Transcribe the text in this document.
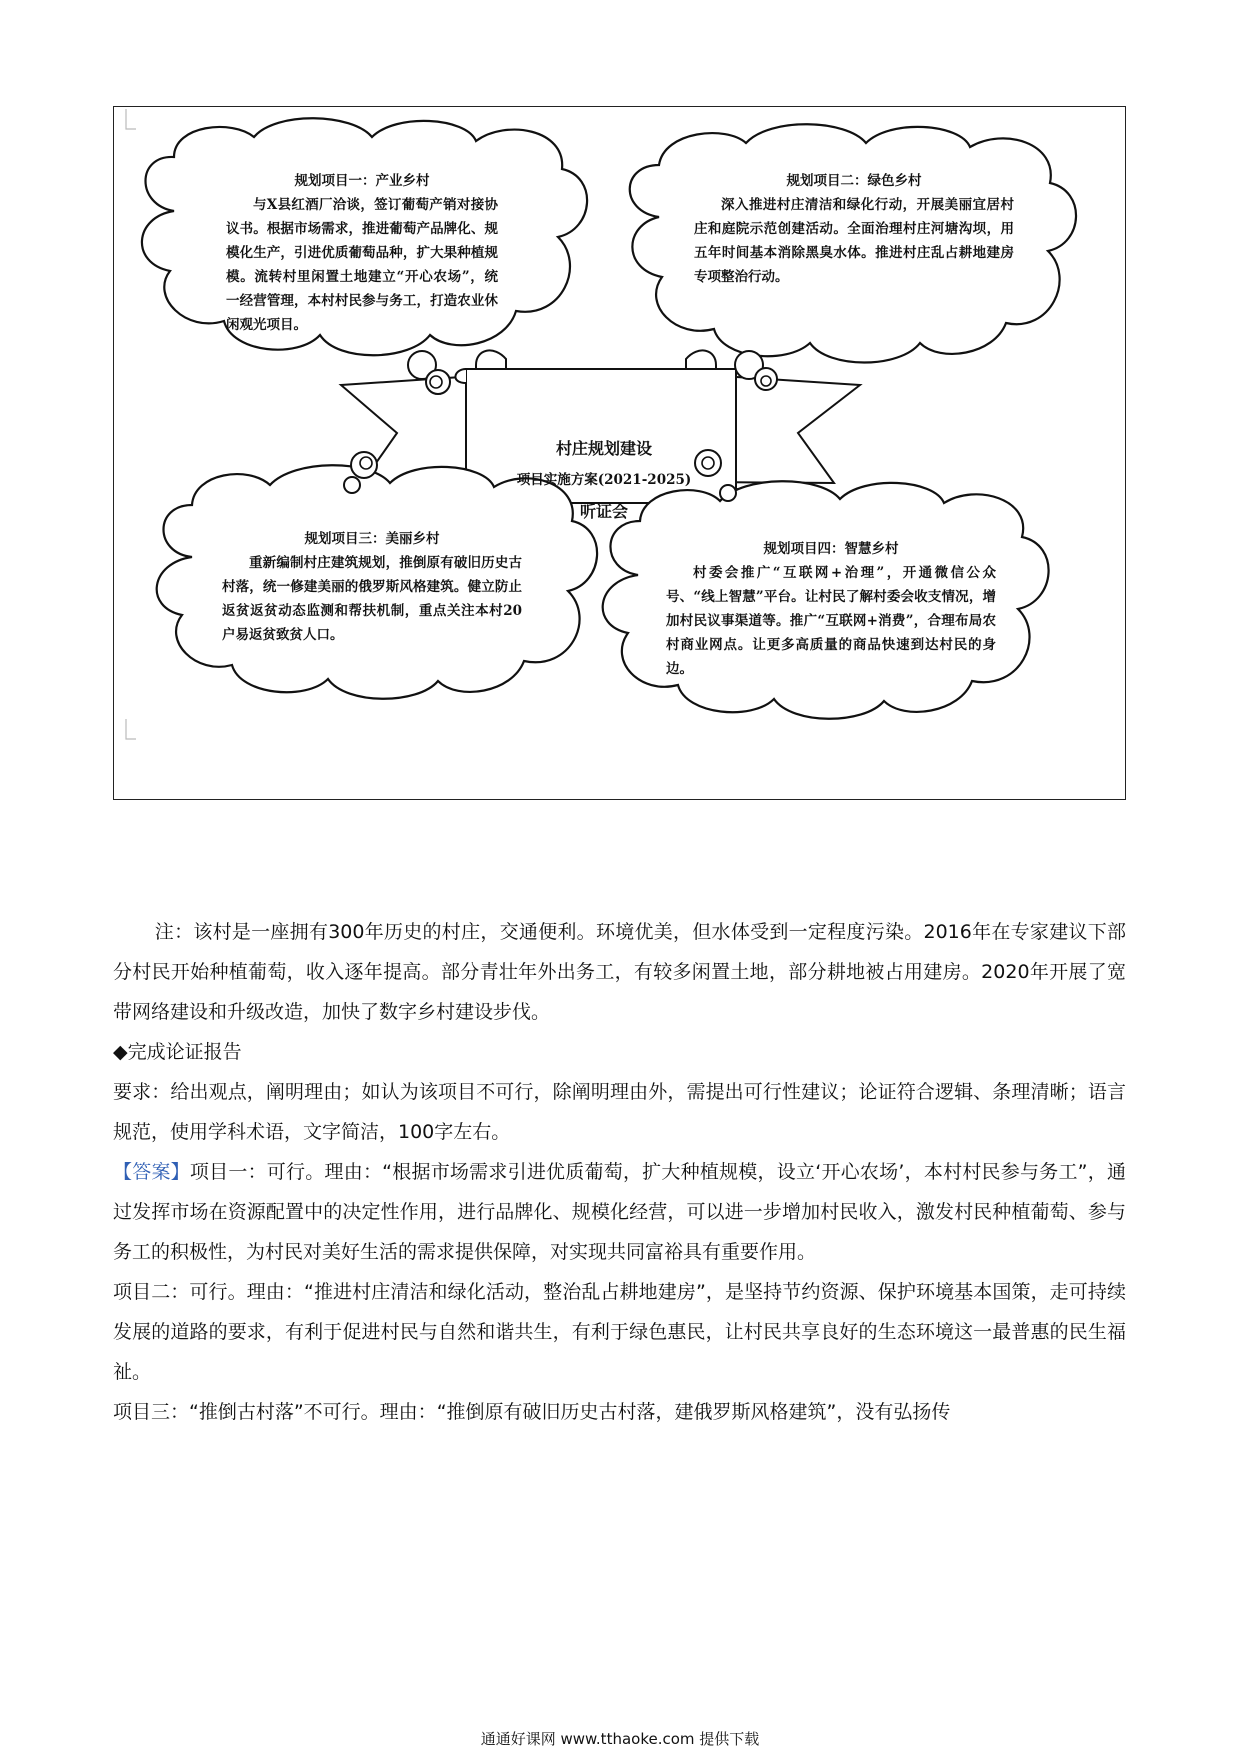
规划项目一：产业乡村
与Ⅹ县红酒厂洽谈，签订葡萄产销对接协议书。根据市场需求，推进葡萄产品牌化、规模化生产，引进优质葡萄品种，扩大果种植规模。流转村里闲置土地建立“开心农场”，统一经营管理，本村村民参与务工，打造农业休闲观光项目。
规划项目二：绿色乡村
深入推进村庄清洁和绿化行动，开展美丽宜居村庄和庭院示范创建活动。全面治理村庄河塘沟坝，用五年时间基本消除黑臭水体。推进村庄乱占耕地建房专项整治行动。
规划项目三：美丽乡村
重新编制村庄建筑规划，推倒原有破旧历史古村落，统一修建美丽的俄罗斯风格建筑。健立防止返贫返贫动态监测和帮扶机制，重点关注本村20户易返贫致贫人口。
规划项目四：智慧乡村
村委会推广“互联网+治理”，开通微信公众号、“线上智慧”平台。让村民了解村委会收支情况，增加村民议事渠道等。推广“互联网+消费”，合理布局农村商业网点。让更多高质量的商品快速到达村民的身边。
村庄规划建设
项目实施方案(2021-2025)
听证会

注：该村是一座拥有300年历史的村庄，交通便利。环境优美，但水体受到一定程度污染。2016年在专家建议下部分村民开始种植葡萄，收入逐年提高。部分青壮年外出务工，有较多闲置土地，部分耕地被占用建房。2020年开展了宽带网络建设和升级改造，加快了数字乡村建设步伐。

◆完成论证报告

要求：给出观点，阐明理由；如认为该项目不可行，除阐明理由外，需提出可行性建议；论证符合逻辑、条理清晰；语言规范，使用学科术语，文字简洁，100字左右。

【答案】项目一：可行。理由：“根据市场需求引进优质葡萄，扩大种植规模，设立‘开心农场’，本村村民参与务工”，通过发挥市场在资源配置中的决定性作用，进行品牌化、规模化经营，可以进一步增加村民收入，激发村民种植葡萄、参与务工的积极性，为村民对美好生活的需求提供保障，对实现共同富裕具有重要作用。

项目二：可行。理由：“推进村庄清洁和绿化活动，整治乱占耕地建房”，是坚持节约资源、保护环境基本国策，走可持续发展的道路的要求，有利于促进村民与自然和谐共生，有利于绿色惠民，让村民共享良好的生态环境这一最普惠的民生福祉。

项目三：“推倒古村落”不可行。理由：“推倒原有破旧历史古村落，建俄罗斯风格建筑”，没有弘扬传

通通好课网 www.tthaoke.com 提供下载
